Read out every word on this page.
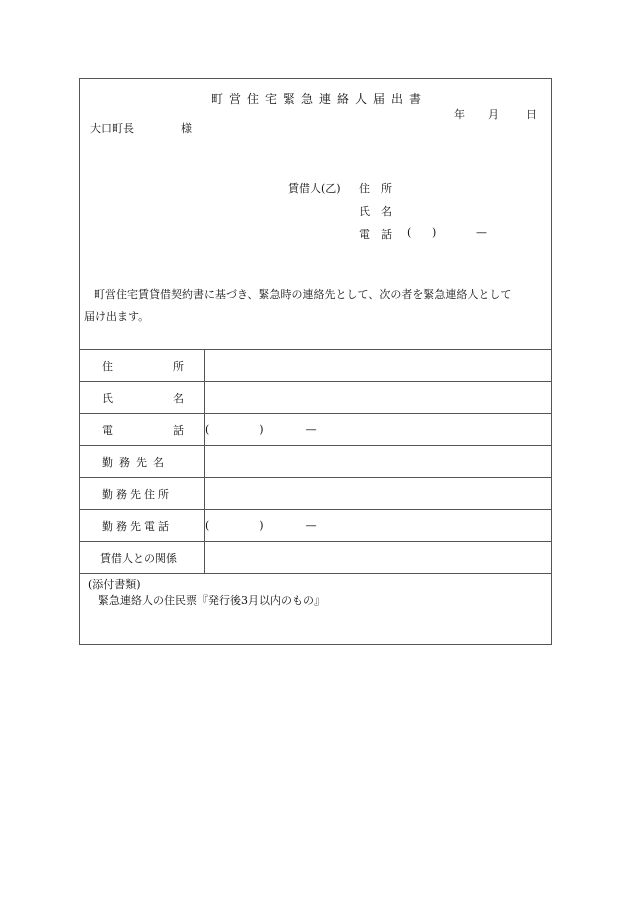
町営住宅緊急連絡人届出書
年 月 日
大口町長	様
賃借人(乙) 住　所
氏　名
電　話 ( )	—
町営住宅賃貸借契約書に基づき、緊急時の連絡先として、次の者を緊急連絡人として
届け出ます。
住 所	

氏 名	

電 話	( ) —

勤務先名	

勤務先住所	

勤務先電話	( ) —

賃借人との関係	

(添付書類)
緊急連絡人の住民票『発行後3月以内のもの』
